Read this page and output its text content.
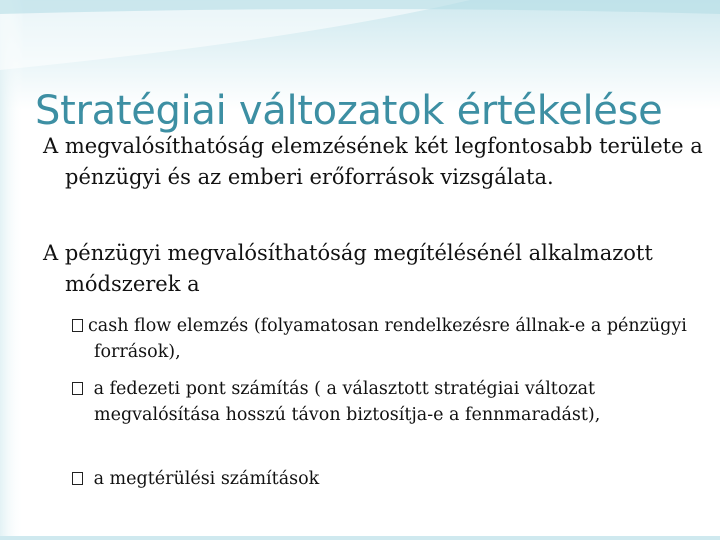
Stratégiai változatok értékelése
A megvalósíthatóság elemzésének két legfontosabb területe a pénzügyi és az emberi erőforrások vizsgálata.
A pénzügyi megvalósíthatóság megítélésénél alkalmazott módszerek a
cash flow elemzés (folyamatosan rendelkezésre állnak-e a pénzügyi források),
a fedezeti pont számítás ( a választott stratégiai változat megvalósítása hosszú távon biztosítja-e a fennmaradást),
a megtérülési számítások
